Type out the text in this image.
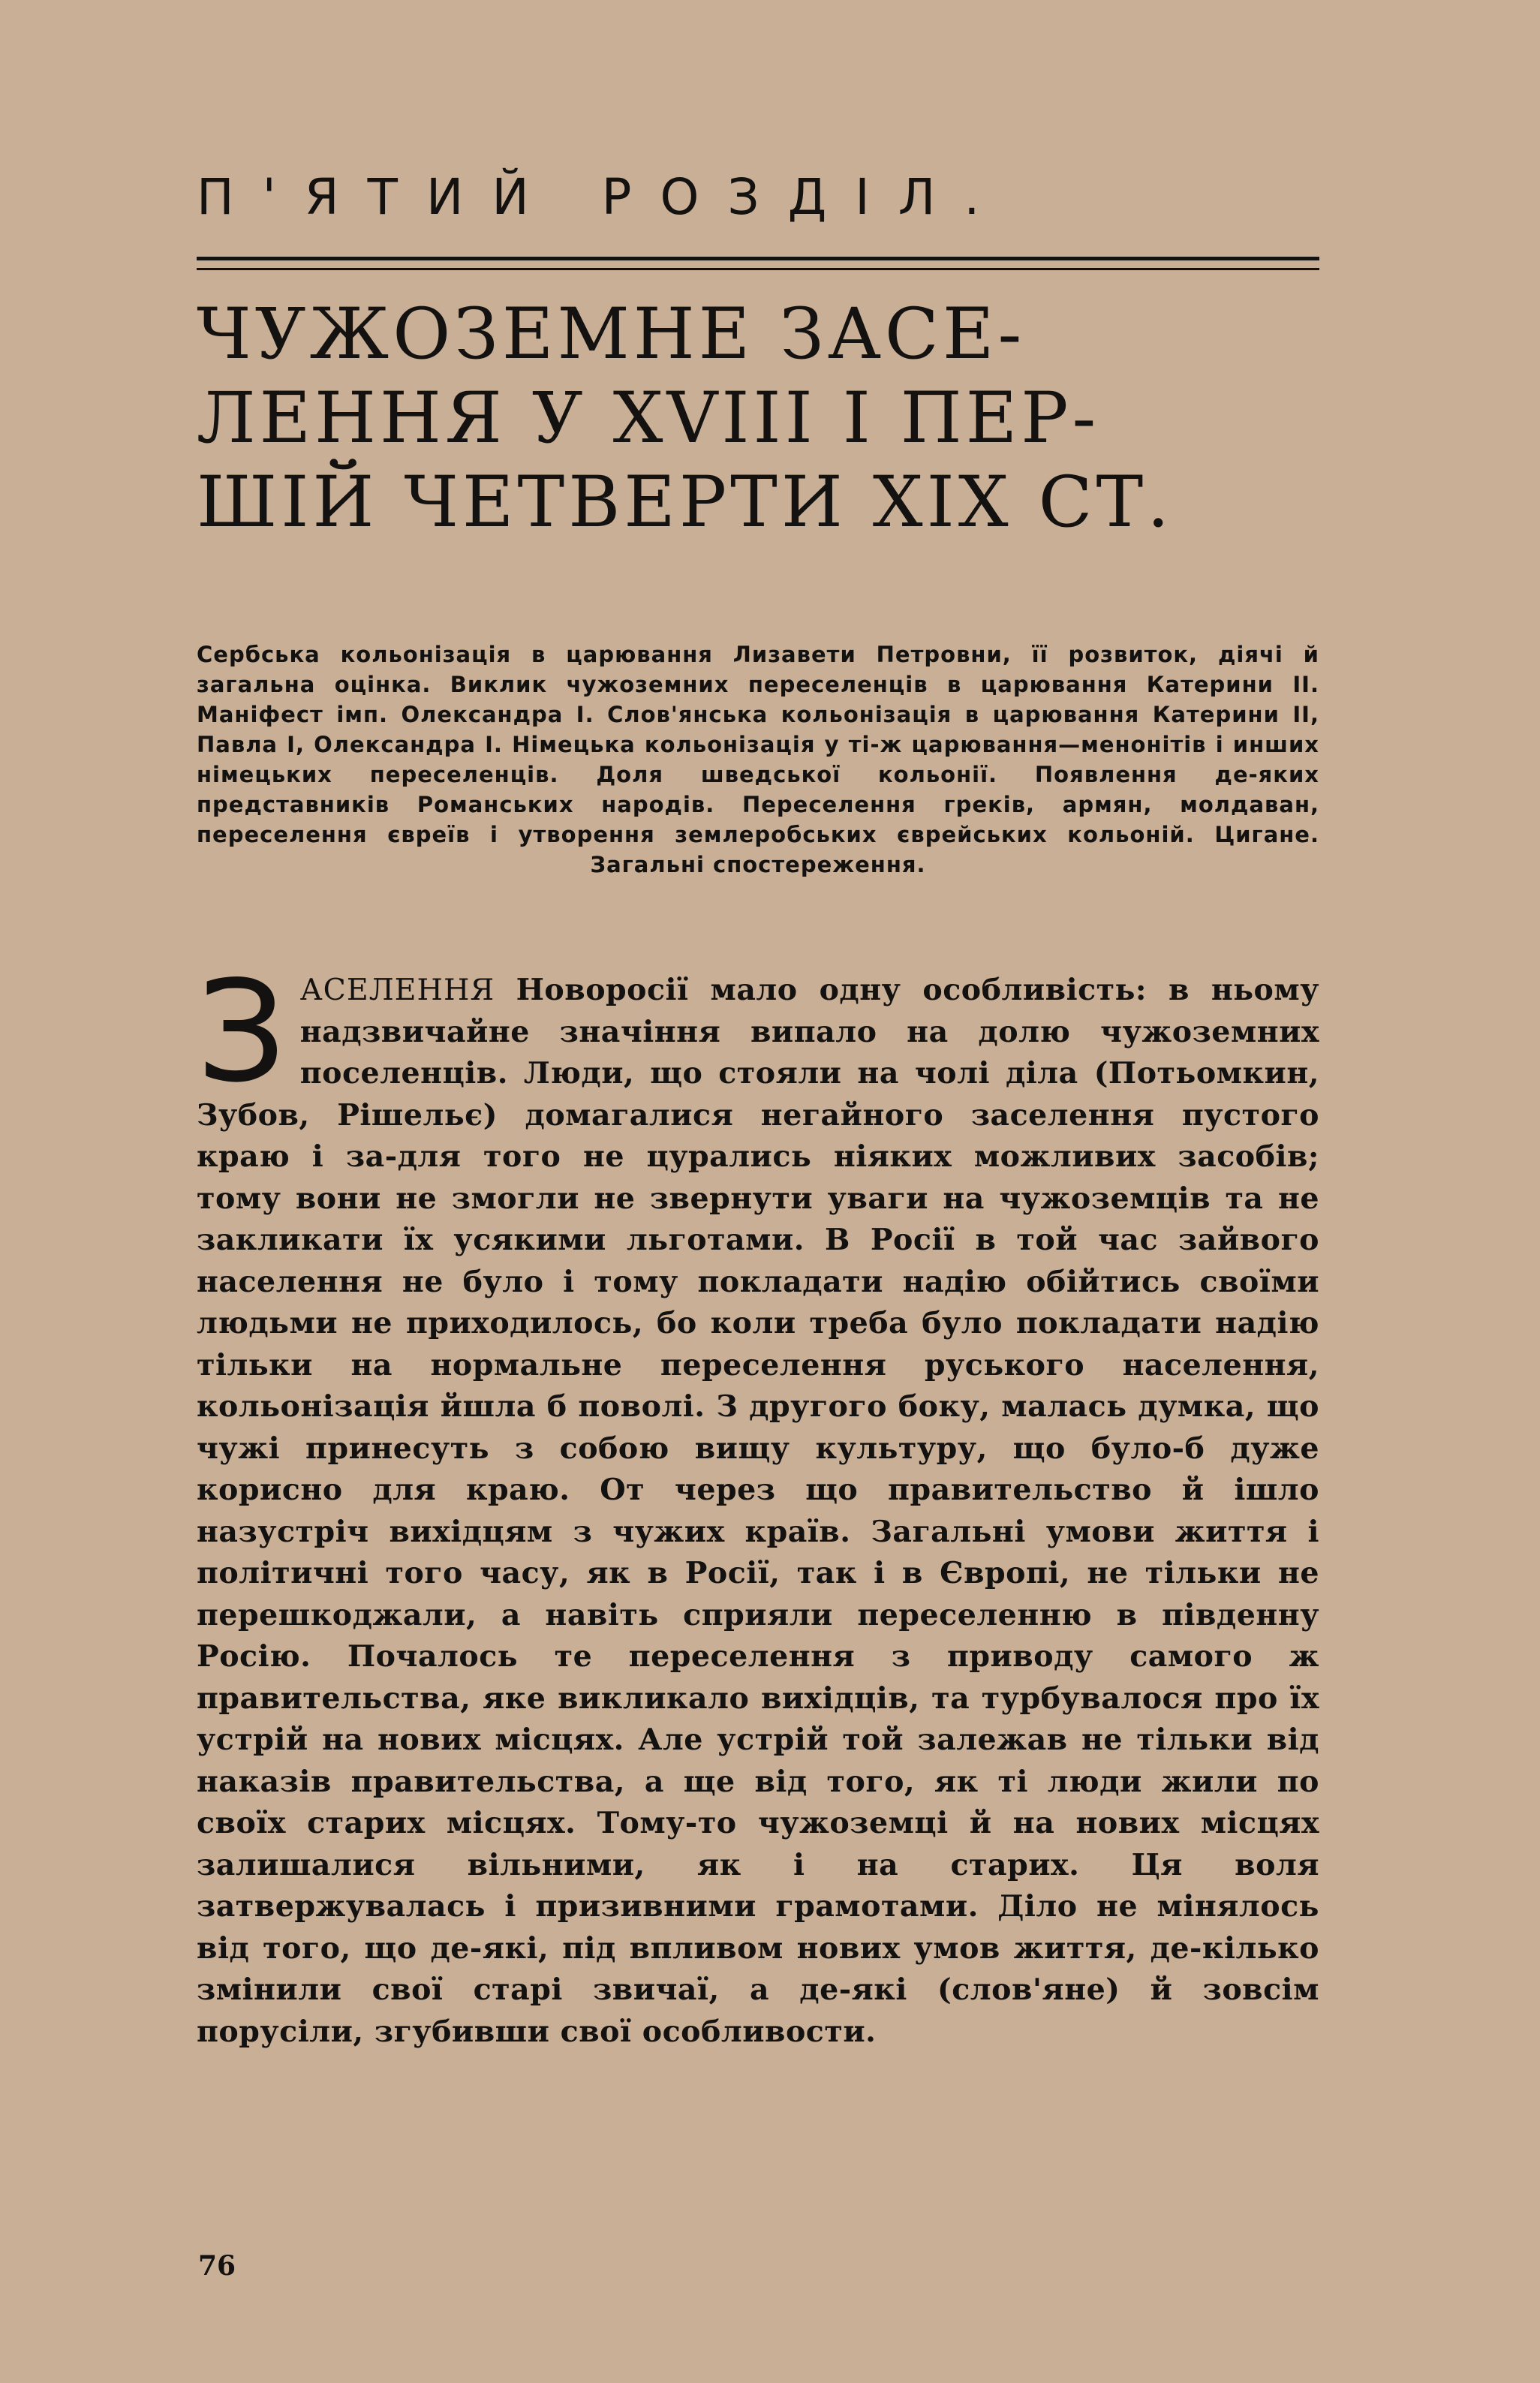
П'ЯТИЙ РОЗДІЛ.
ЧУЖОЗЕМНЕ ЗАСЕ-
ЛЕННЯ У XVIII І ПЕР-
ШІЙ ЧЕТВЕРТИ XIX СТ.
Сербська кольонізація в царювання Лизавети Петровни, її розвиток, діячі й загальна оцінка. Виклик чужоземних переселенців в царювання Катерини II. Маніфест імп. Олександра І. Слов'янська кольонізація в царювання Катерини II, Павла І, Олександра І. Німецька кольонізація у ті-ж царювання—менонітів і инших німецьких переселенців. Доля шведської кольонії. Появлення де-яких представників Романських народів. Переселення греків, армян, молдаван, переселення євреїв і утворення землеробських єврейських кольоній. Цигане. Загальні спостереження.
З АСЕЛЕННЯ Новоросії мало одну особливість: в ньому надзвичайне значіння випало на долю чужоземних поселенців. Люди, що стояли на чолі діла (Потьомкин, Зубов, Рішельє) домагалися негайного заселення пустого краю і за-для того не цурались ніяких можливих засобів; тому вони не змогли не звернути уваги на чужоземців та не закликати їх усякими льготами. В Росії в той час зайвого населення не було і тому покладати надію обійтись своїми людьми не приходилось, бо коли треба було покладати надію тільки на нормальне переселення руського населення, кольонізація йшла б поволі. З другого боку, малась думка, що чужі принесуть з собою вищу культуру, що було-б дуже корисно для краю. От через що правительство й ішло назустріч вихідцям з чужих країв. Загальні умови життя і політичні того часу, як в Росії, так і в Європі, не тільки не перешкоджали, а навіть сприяли переселенню в південну Росію. Почалось те переселення з приводу самого ж правительства, яке викликало вихідців, та турбувалося про їх устрій на нових місцях. Але устрій той залежав не тільки від наказів правительства, а ще від того, як ті люди жили по своїх старих місцях. Тому-то чужоземці й на нових місцях залишалися вільними, як і на старих. Ця воля затвержувалась і призивними грамотами. Діло не мінялось від того, що де-які, під впливом нових умов життя, де-кілько змінили свої старі звичаї, а де-які (слов'яне) й зовсім порусіли, згубивши свої особливости.
76
